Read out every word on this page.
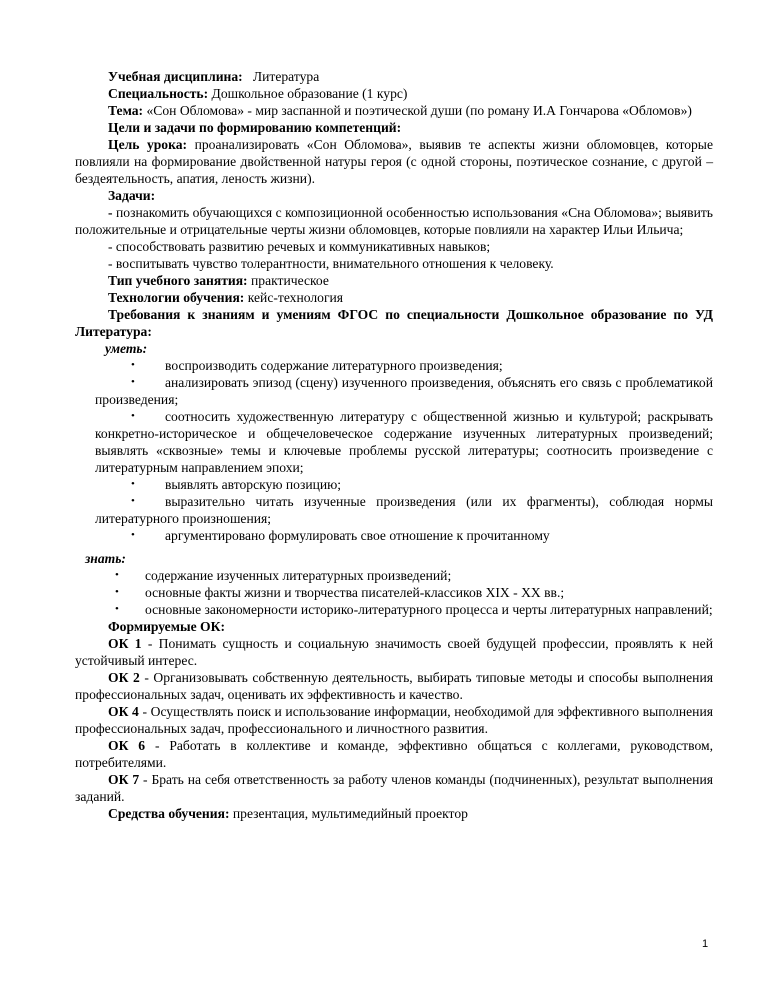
Учебная дисциплина: Литература

Специальность: Дошкольное образование (1 курс)

Тема: «Сон Обломова» - мир заспанной и поэтической души (по роману И.А Гончарова «Обломов»)

Цели и задачи по формированию компетенций:

Цель урока: проанализировать «Сон Обломова», выявив те аспекты жизни обломовцев, которые повлияли на формирование двойственной натуры героя (с одной стороны, поэтическое сознание, с другой – бездеятельность, апатия, леность жизни).

Задачи:

- познакомить обучающихся с композиционной особенностью использования «Сна Обломова»; выявить положительные и отрицательные черты жизни обломовцев, которые повлияли на характер Ильи Ильича;

- способствовать развитию речевых и коммуникативных навыков;

- воспитывать чувство толерантности, внимательного отношения к человеку.

Тип учебного занятия: практическое

Технологии обучения: кейс-технология

Требования к знаниям и умениям ФГОС по специальности Дошкольное образование по УД Литература:

уметь:
• воспроизводить содержание литературного произведения;
• анализировать эпизод (сцену) изученного произведения, объяснять его связь с проблематикой произведения;
• соотносить художественную литературу с общественной жизнью и культурой; раскрывать конкретно-историческое и общечеловеческое содержание изученных литературных произведений; выявлять «сквозные» темы и ключевые проблемы русской литературы; соотносить произведение с литературным направлением эпохи;
• выявлять авторскую позицию;
• выразительно читать изученные произведения (или их фрагменты), соблюдая нормы литературного произношения;
• аргументировано формулировать свое отношение к прочитанному
знать:
• содержание изученных литературных произведений;
• основные факты жизни и творчества писателей-классиков XIX - XX вв.;
• основные закономерности историко-литературного процесса и черты литературных направлений;

Формируемые ОК:

ОК 1 - Понимать сущность и социальную значимость своей будущей профессии, проявлять к ней устойчивый интерес.

ОК 2 - Организовывать собственную деятельность, выбирать типовые методы и способы выполнения профессиональных задач, оценивать их эффективность и качество.

ОК 4 - Осуществлять поиск и использование информации, необходимой для эффективного выполнения профессиональных задач, профессионального и личностного развития.

ОК 6 - Работать в коллективе и команде, эффективно общаться с коллегами, руководством, потребителями.

ОК 7 - Брать на себя ответственность за работу членов команды (подчиненных), результат выполнения заданий.

Средства обучения: презентация, мультимедийный проектор

1
